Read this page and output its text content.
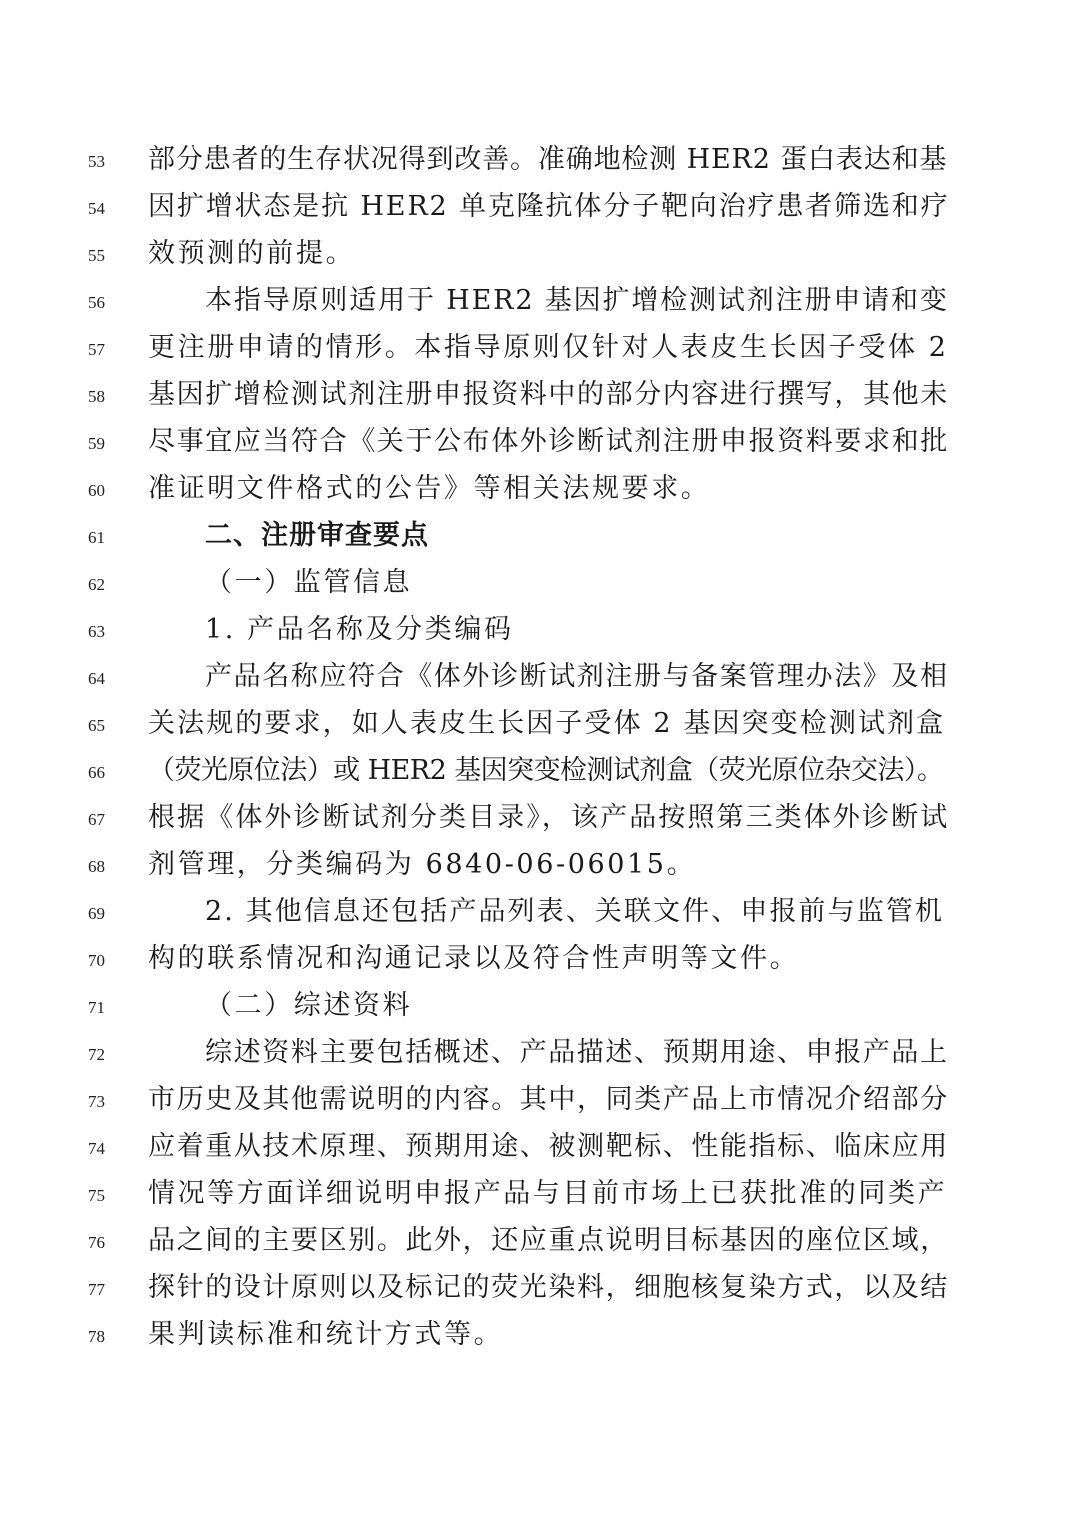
53	部分患者的生存状况得到改善。准确地检测 HER2 蛋白表达和基
54	因扩增状态是抗 HER2 单克隆抗体分子靶向治疗患者筛选和疗
55	效预测的前提。
56	本指导原则适用于 HER2 基因扩增检测试剂注册申请和变
57	更注册申请的情形。本指导原则仅针对人表皮生长因子受体 2
58	基因扩增检测试剂注册申报资料中的部分内容进行撰写，其他未
59	尽事宜应当符合《关于公布体外诊断试剂注册申报资料要求和批
60	准证明文件格式的公告》等相关法规要求。
61	二、注册审查要点
62	（一）监管信息
63	1. 产品名称及分类编码
64	产品名称应符合《体外诊断试剂注册与备案管理办法》及相
65	关法规的要求，如人表皮生长因子受体 2 基因突变检测试剂盒
66	（荧光原位法）或 HER2 基因突变检测试剂盒（荧光原位杂交法）。
67	根据《体外诊断试剂分类目录》，该产品按照第三类体外诊断试
68	剂管理，分类编码为 6840-06-06015。
69	2. 其他信息还包括产品列表、关联文件、申报前与监管机
70	构的联系情况和沟通记录以及符合性声明等文件。
71	（二）综述资料
72	综述资料主要包括概述、产品描述、预期用途、申报产品上
73	市历史及其他需说明的内容。其中，同类产品上市情况介绍部分
74	应着重从技术原理、预期用途、被测靶标、性能指标、临床应用
75	情况等方面详细说明申报产品与目前市场上已获批准的同类产
76	品之间的主要区别。此外，还应重点说明目标基因的座位区域，
77	探针的设计原则以及标记的荧光染料，细胞核复染方式，以及结
78	果判读标准和统计方式等。
